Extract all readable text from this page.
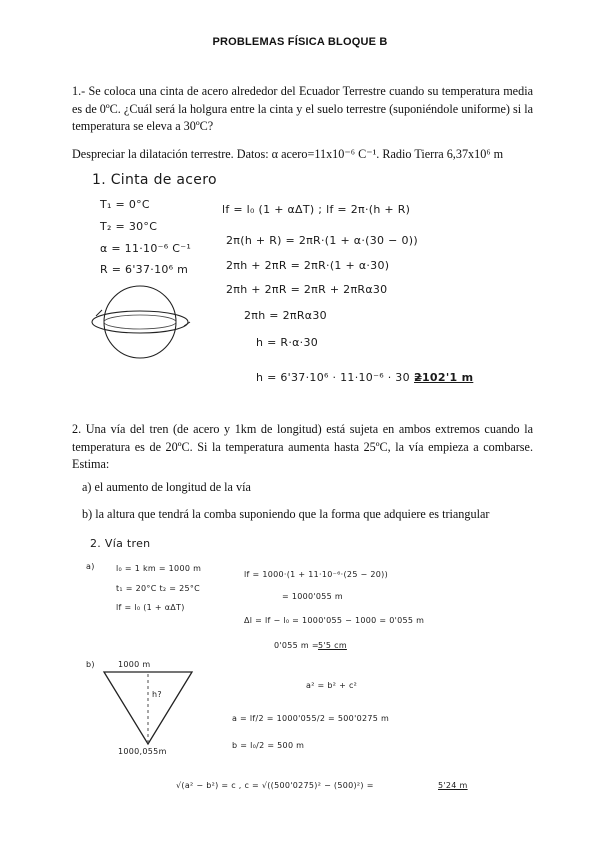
PROBLEMAS FÍSICA BLOQUE B
1.- Se coloca una cinta de acero alrededor del Ecuador Terrestre cuando su temperatura media es de 0ºC. ¿Cuál será la holgura entre la cinta y el suelo terrestre (suponiéndole uniforme) si la temperatura se eleva a 30ºC?
Despreciar la dilatación terrestre. Datos: α acero=11x10⁻⁶ C⁻¹. Radio Tierra 6,37x10⁶ m
1. Cinta de acero
T₁ = 0°C
T₂ = 30°C
α = 11·10⁻⁶ C⁻¹
R = 6'37·10⁶ m
lf = l₀ (1 + αΔT) ; lf = 2π·(h + R)
2π(h + R) = 2πR·(1 + α·(30 − 0))
2πh + 2πR = 2πR·(1 + α·30)
2πh + 2πR = 2πR + 2πRα30
2πh = 2πRα30
h = R·α·30
h = 6'37·10⁶ · 11·10⁻⁶ · 30 =
2102'1 m
2. Una vía del tren (de acero y 1km de longitud) está sujeta en ambos extremos cuando la temperatura es de 20ºC. Si la temperatura aumenta hasta 25ºC, la vía empieza a combarse. Estima:
a) el aumento de longitud de la vía
b) la altura que tendrá la comba suponiendo que la forma que adquiere es triangular
2. Vía tren
a)	l₀ = 1 km = 1000 m
t₁ = 20°C t₂ = 25°C
lf = l₀ (1 + αΔT)
lf = 1000·(1 + 11·10⁻⁶·(25 − 20))
= 1000'055 m
Δl = lf − l₀ = 1000'055 − 1000 = 0'055 m
0'055 m = 5'5 cm
b)	1000 m
h?
1000,055m
a² = b² + c²
a = lf/2 = 1000'055/2 = 500'0275 m
b = l₀/2 = 500 m
√(a² − b²) = c , c = √((500'0275)² − (500)²) =	5'24 m
